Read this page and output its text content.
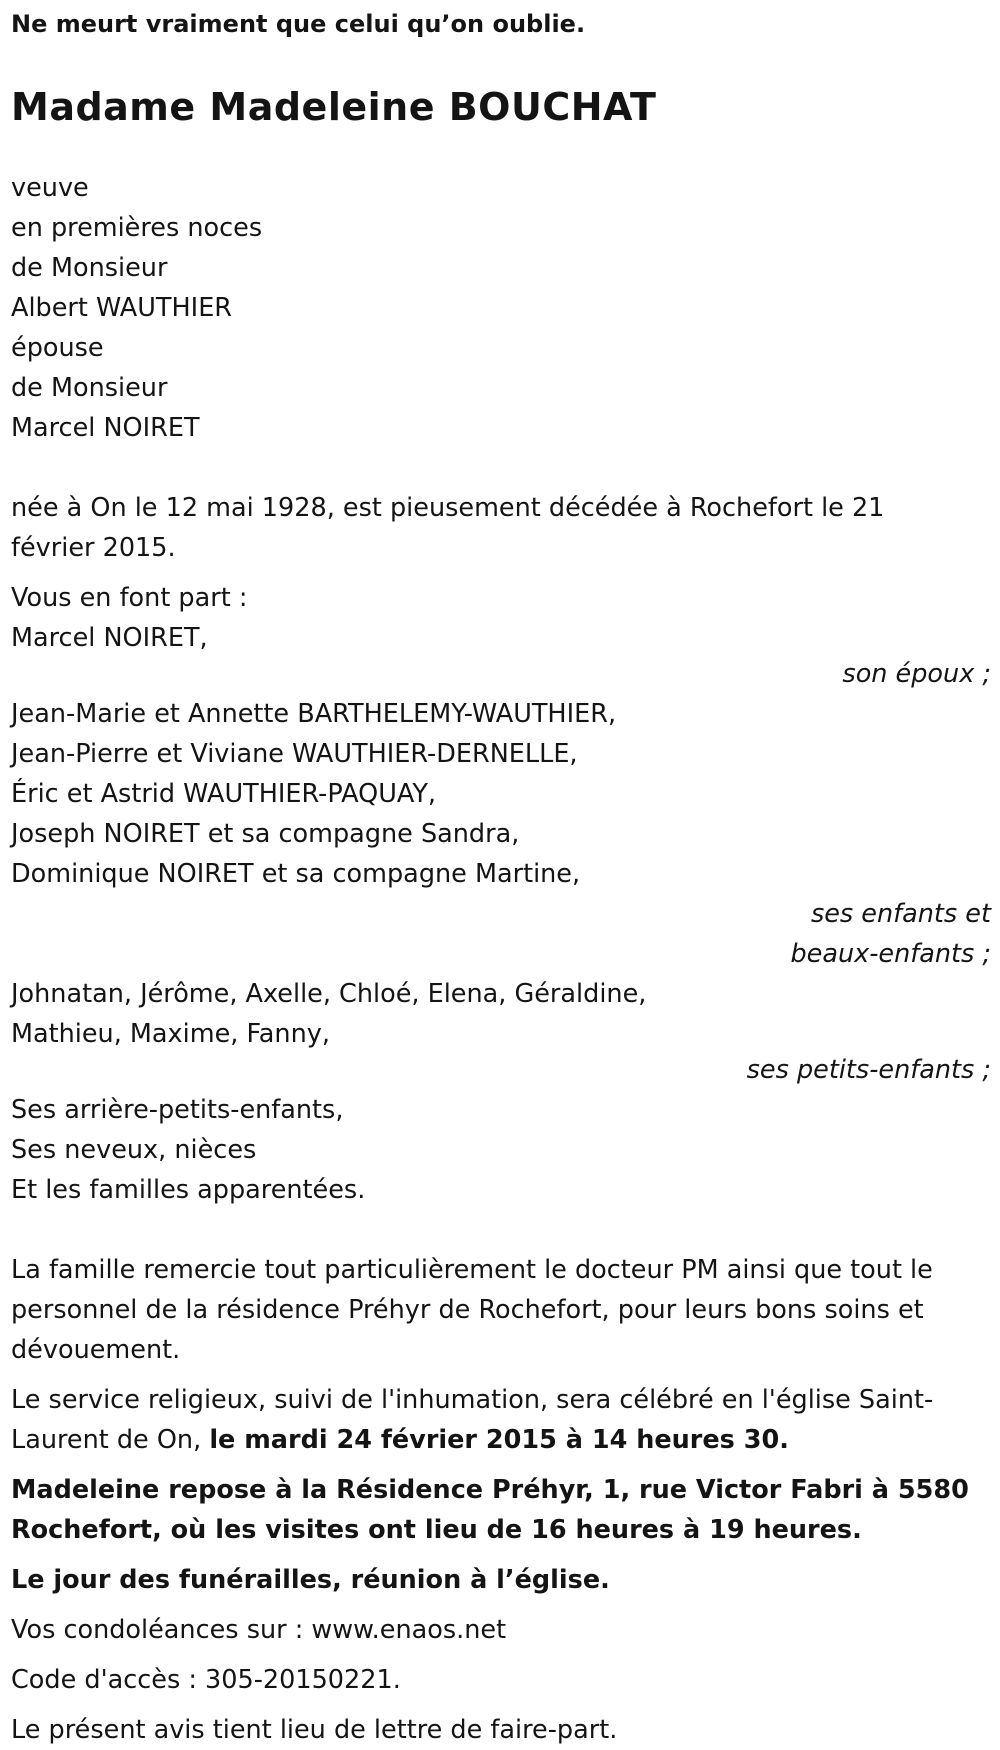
Ne meurt vraiment que celui qu’on oublie.

Madame Madeleine BOUCHAT
veuve
en premières noces
de Monsieur
Albert WAUTHIER
épouse
de Monsieur
Marcel NOIRET

née à On le 12 mai 1928, est pieusement décédée à Rochefort le 21 février 2015.

Vous en font part :
Marcel NOIRET,
son époux ;
Jean-Marie et Annette BARTHELEMY-WAUTHIER,
Jean-Pierre et Viviane WAUTHIER-DERNELLE,
Éric et Astrid WAUTHIER-PAQUAY,
Joseph NOIRET et sa compagne Sandra,
Dominique NOIRET et sa compagne Martine,
ses enfants et
beaux-enfants ;
Johnatan, Jérôme, Axelle, Chloé, Elena, Géraldine,
Mathieu, Maxime, Fanny,
ses petits-enfants ;
Ses arrière-petits-enfants,
Ses neveux, nièces
Et les familles apparentées.

La famille remercie tout particulièrement le docteur PM ainsi que tout le personnel de la résidence Préhyr de Rochefort, pour leurs bons soins et dévouement.

Le service religieux, suivi de l'inhumation, sera célébré en l'église Saint-Laurent de On, le mardi 24 février 2015 à 14 heures 30.

Madeleine repose à la Résidence Préhyr, 1, rue Victor Fabri à 5580 Rochefort, où les visites ont lieu de 16 heures à 19 heures.

Le jour des funérailles, réunion à l’église.

Vos condoléances sur : www.enaos.net

Code d'accès : 305-20150221.

Le présent avis tient lieu de lettre de faire-part.
